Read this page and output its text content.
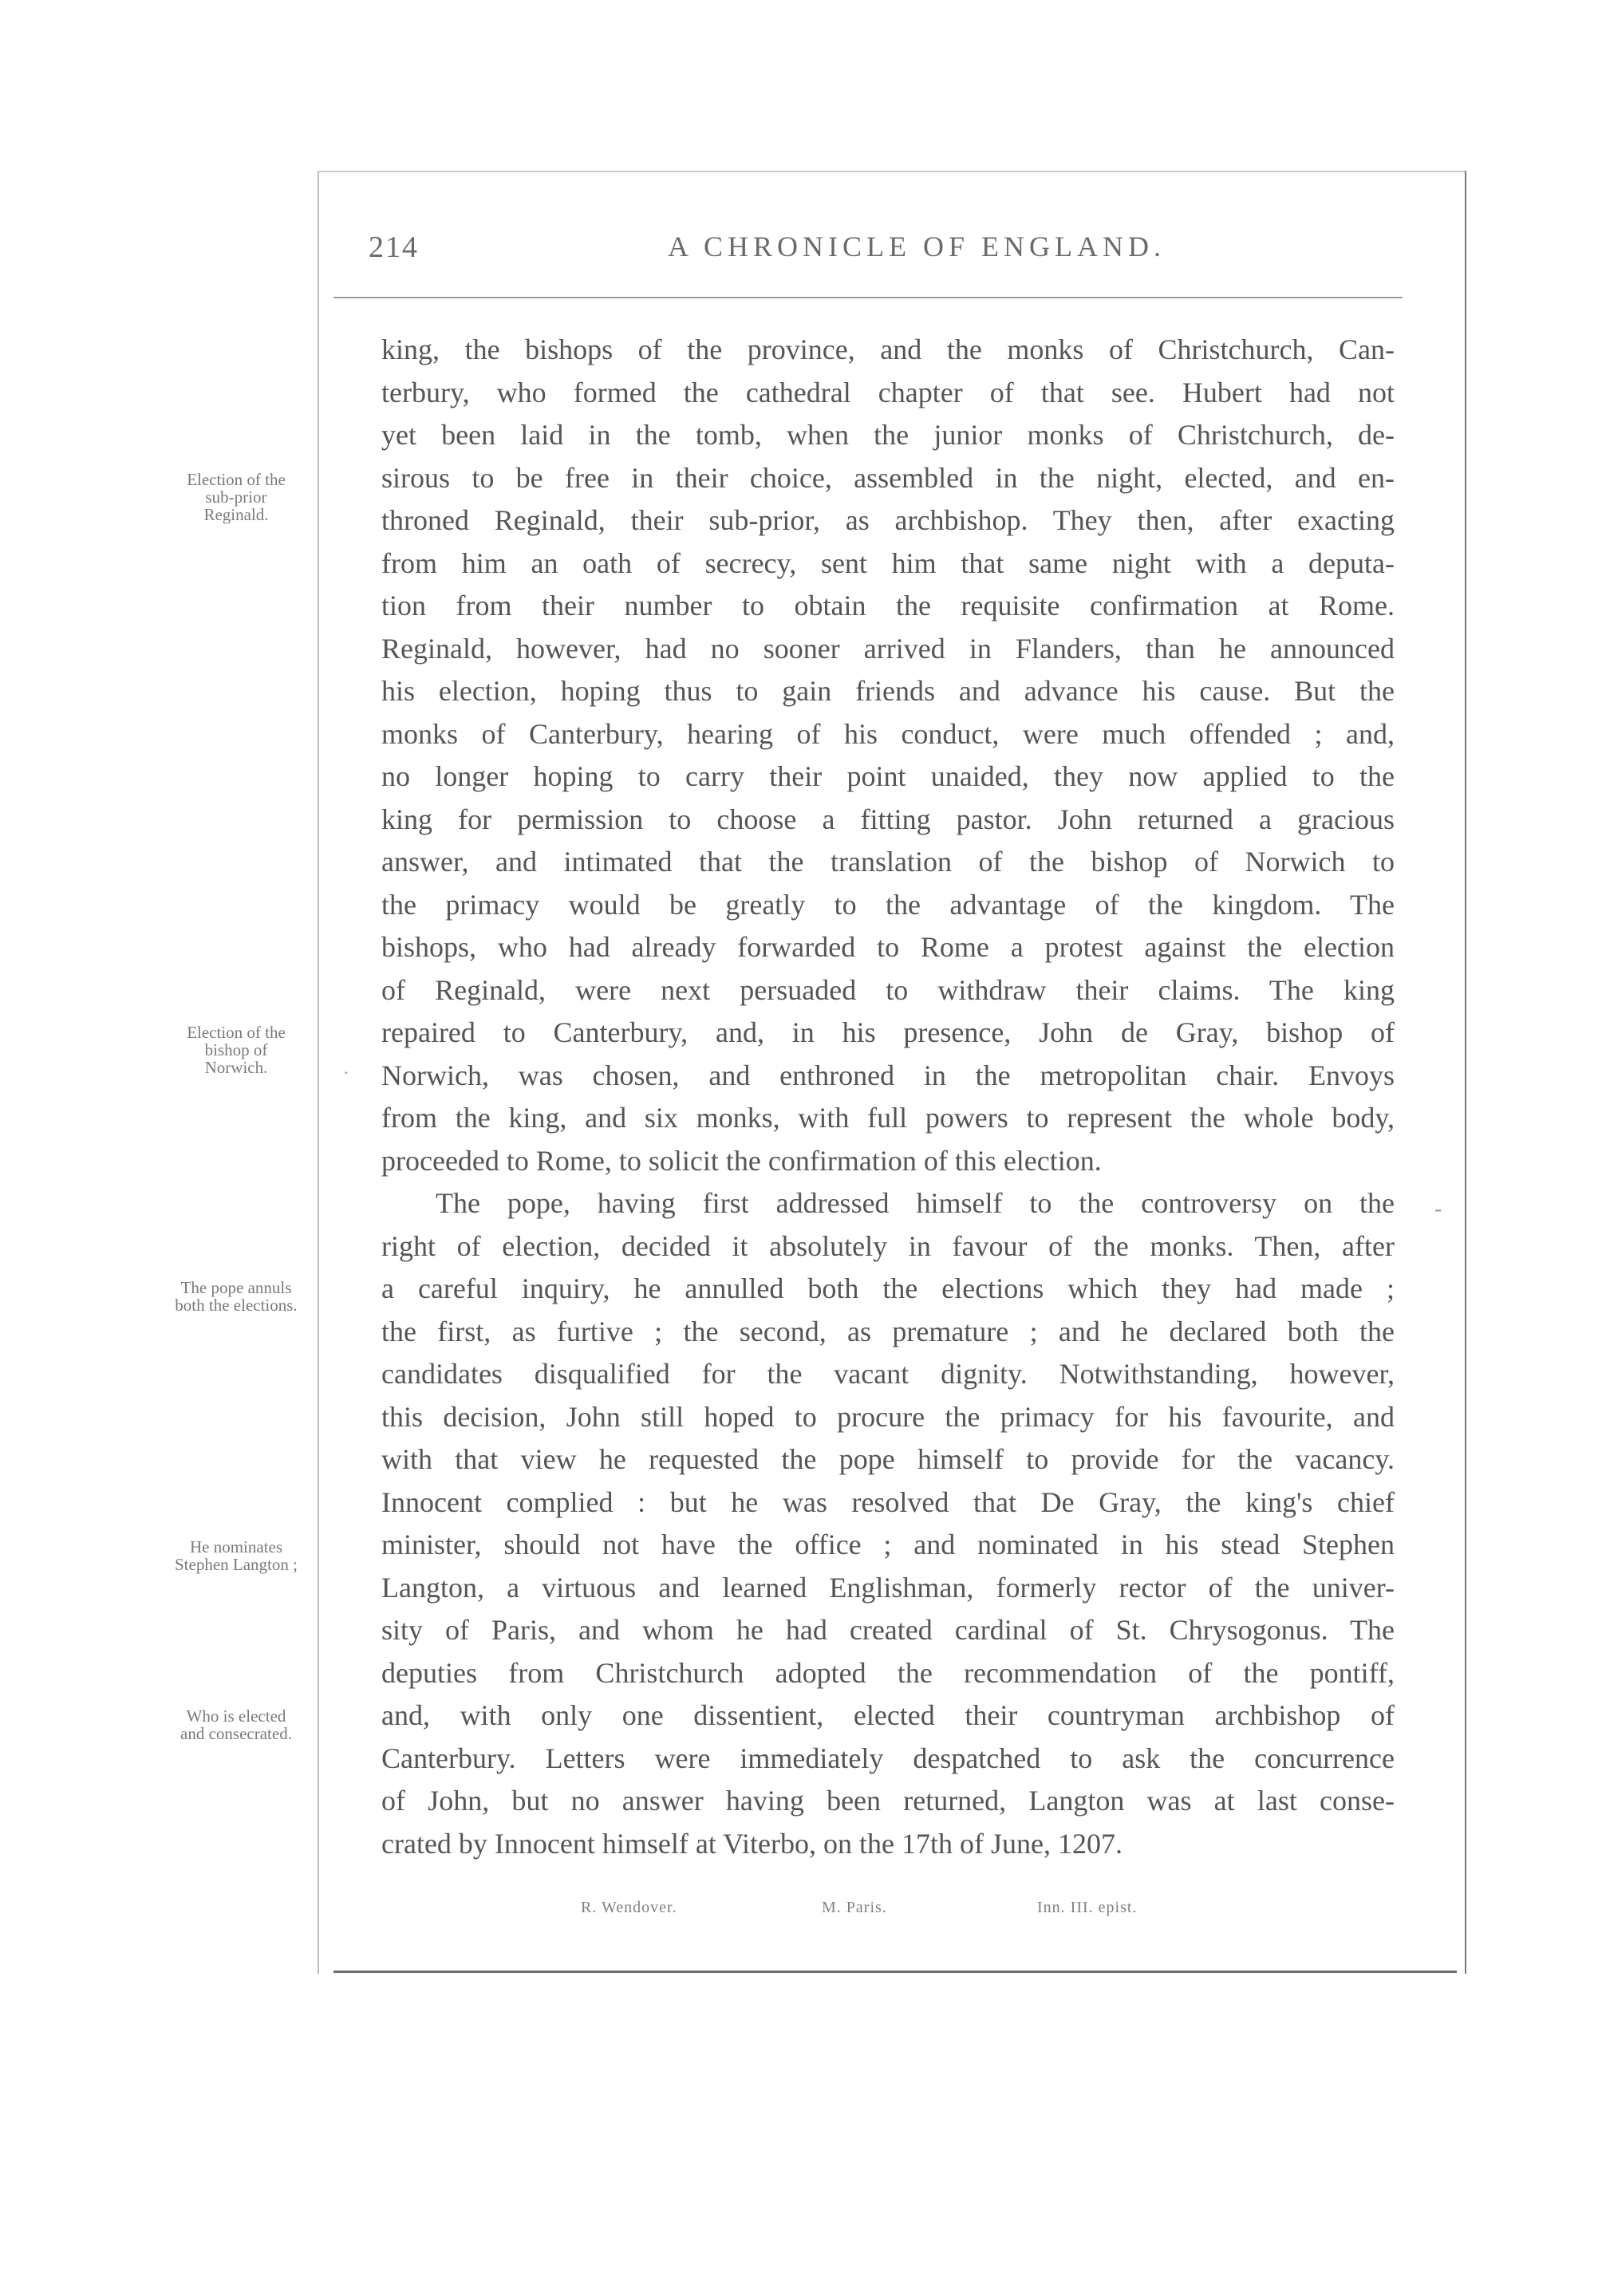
214	A CHRONICLE OF ENGLAND.
Election of the sub-prior Reginald.
Election of the bishop of Norwich.
The pope annuls both the elections.
He nominates Stephen Langton ;
Who is elected and consecrated.
king, the bishops of the province, and the monks of Christchurch, Can-
terbury, who formed the cathedral chapter of that see. Hubert had not
yet been laid in the tomb, when the junior monks of Christchurch, de-
sirous to be free in their choice, assembled in the night, elected, and en-
throned Reginald, their sub-prior, as archbishop. They then, after exacting
from him an oath of secrecy, sent him that same night with a deputa-
tion from their number to obtain the requisite confirmation at Rome.
Reginald, however, had no sooner arrived in Flanders, than he announced
his election, hoping thus to gain friends and advance his cause. But the
monks of Canterbury, hearing of his conduct, were much offended ; and,
no longer hoping to carry their point unaided, they now applied to the
king for permission to choose a fitting pastor. John returned a gracious
answer, and intimated that the translation of the bishop of Norwich to
the primacy would be greatly to the advantage of the kingdom. The
bishops, who had already forwarded to Rome a protest against the election
of Reginald, were next persuaded to withdraw their claims. The king
repaired to Canterbury, and, in his presence, John de Gray, bishop of
Norwich, was chosen, and enthroned in the metropolitan chair. Envoys
from the king, and six monks, with full powers to represent the whole body,
proceeded to Rome, to solicit the confirmation of this election.
The pope, having first addressed himself to the controversy on the
right of election, decided it absolutely in favour of the monks. Then, after
a careful inquiry, he annulled both the elections which they had made ;
the first, as furtive ; the second, as premature ; and he declared both the
candidates disqualified for the vacant dignity. Notwithstanding, however,
this decision, John still hoped to procure the primacy for his favourite, and
with that view he requested the pope himself to provide for the vacancy.
Innocent complied : but he was resolved that De Gray, the king's chief
minister, should not have the office ; and nominated in his stead Stephen
Langton, a virtuous and learned Englishman, formerly rector of the univer-
sity of Paris, and whom he had created cardinal of St. Chrysogonus. The
deputies from Christchurch adopted the recommendation of the pontiff,
and, with only one dissentient, elected their countryman archbishop of
Canterbury. Letters were immediately despatched to ask the concurrence
of John, but no answer having been returned, Langton was at last conse-
crated by Innocent himself at Viterbo, on the 17th of June, 1207.
-
·
R. Wendover.	M. Paris.	Inn. III. epist.
